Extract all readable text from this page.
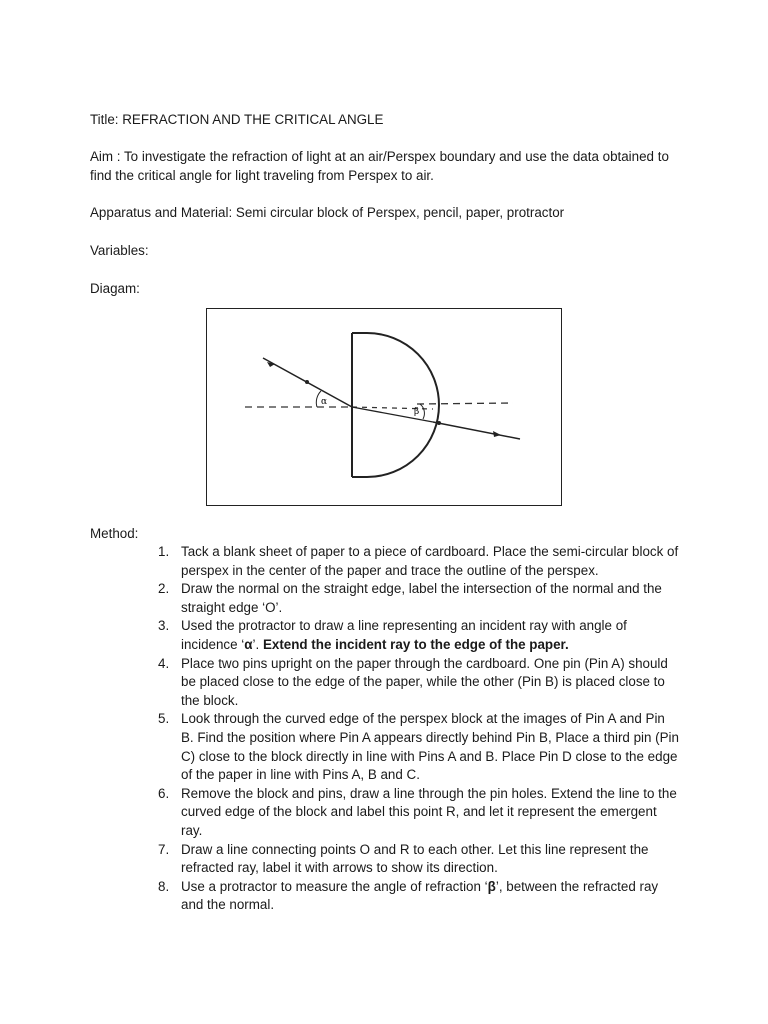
Title: REFRACTION AND THE CRITICAL ANGLE
Aim : To investigate the refraction of light at an air/Perspex boundary and use the data obtained to find the critical angle for light traveling from Perspex to air.
Apparatus and Material: Semi circular block of Perspex, pencil, paper, protractor
Variables:
Diagam:
α
β
Method:
1. Tack a blank sheet of paper to a piece of cardboard. Place the semi-circular block of perspex in the center of the paper and trace the outline of the perspex.
2. Draw the normal on the straight edge, label the intersection of the normal and the straight edge ‘O’.
3. Used the protractor to draw a line representing an incident ray with angle of incidence ‘α’. Extend the incident ray to the edge of the paper.
4. Place two pins upright on the paper through the cardboard. One pin (Pin A) should be placed close to the edge of the paper, while the other (Pin B) is placed close to the block.
5. Look through the curved edge of the perspex block at the images of Pin A and Pin B. Find the position where Pin A appears directly behind Pin B, Place a third pin (Pin C) close to the block directly in line with Pins A and B. Place Pin D close to the edge of the paper in line with Pins A, B and C.
6. Remove the block and pins, draw a line through the pin holes. Extend the line to the curved edge of the block and label this point R, and let it represent the emergent ray.
7. Draw a line connecting points O and R to each other. Let this line represent the refracted ray, label it with arrows to show its direction.
8. Use a protractor to measure the angle of refraction ‘β’, between the refracted ray and the normal.
